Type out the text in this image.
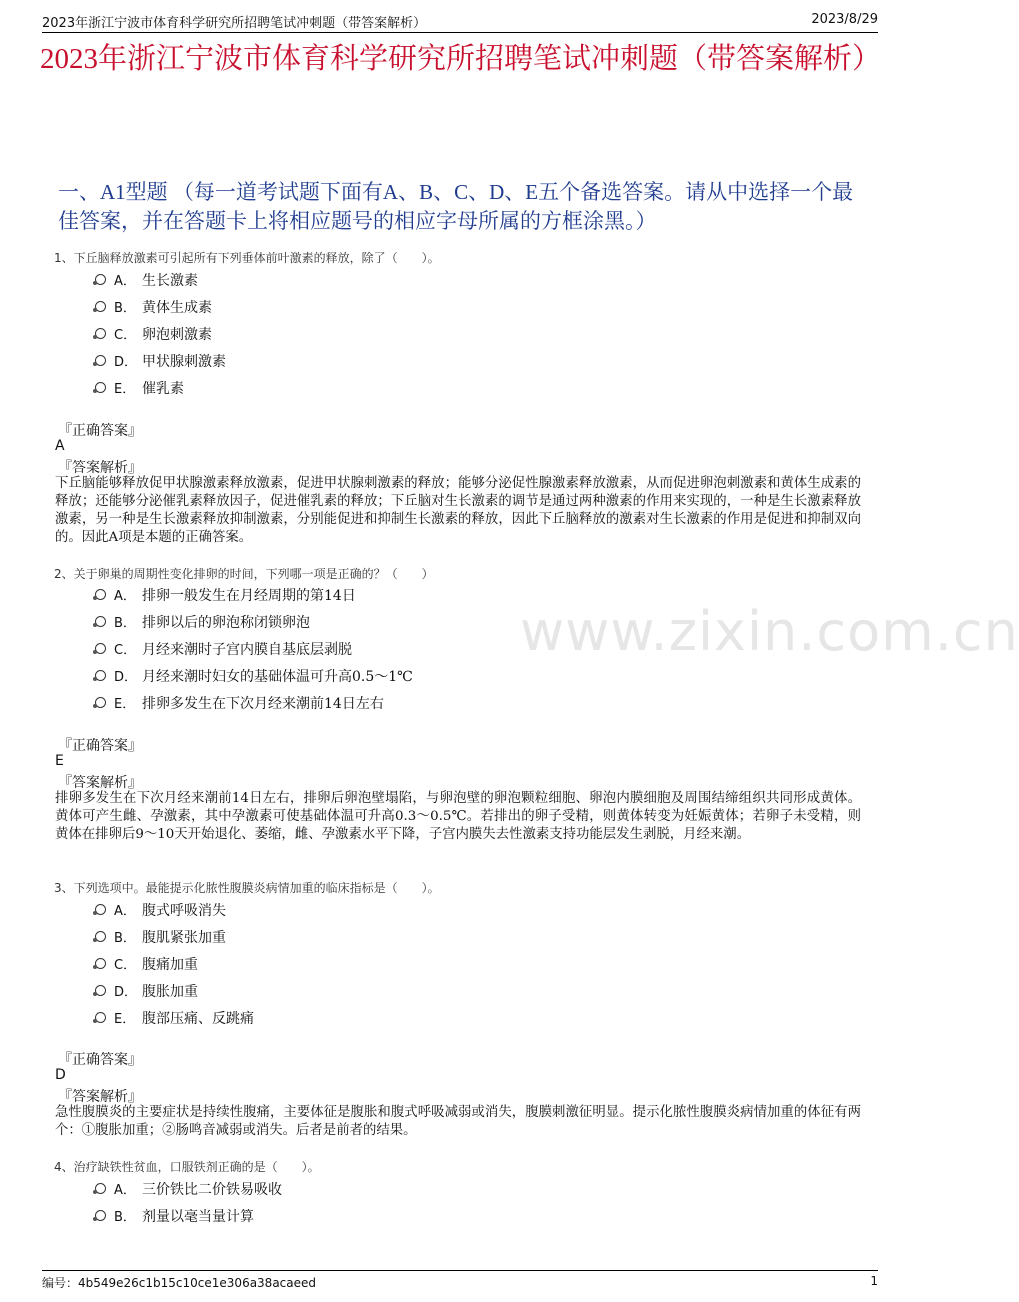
2023年浙江宁波市体育科学研究所招聘笔试冲刺题（带答案解析）	2023/8/29
www.zixin.com.cn
2023年浙江宁波市体育科学研究所招聘笔试冲刺题（带答案解析）
一、A1型题 （每一道考试题下面有A、B、C、D、E五个备选答案。请从中选择一个最佳答案，并在答题卡上将相应题号的相应字母所属的方框涂黑。）
1、下丘脑释放激素可引起所有下列垂体前叶激素的释放，除了（　　）。
A． 生长激素
B． 黄体生成素
C． 卵泡刺激素
D． 甲状腺刺激素
E． 催乳素
『正确答案』
A
『答案解析』
下丘脑能够释放促甲状腺激素释放激素，促进甲状腺刺激素的释放；能够分泌促性腺激素释放激素，从而促进卵泡刺激素和黄体生成素的释放；还能够分泌催乳素释放因子，促进催乳素的释放；下丘脑对生长激素的调节是通过两种激素的作用来实现的，一种是生长激素释放激素，另一种是生长激素释放抑制激素，分别能促进和抑制生长激素的释放，因此下丘脑释放的激素对生长激素的作用是促进和抑制双向的。因此A项是本题的正确答案。
2、关于卵巢的周期性变化排卵的时间，下列哪一项是正确的？（　　）
A． 排卵一般发生在月经周期的第14日
B． 排卵以后的卵泡称闭锁卵泡
C． 月经来潮时子宫内膜自基底层剥脱
D． 月经来潮时妇女的基础体温可升高0.5～1℃
E． 排卵多发生在下次月经来潮前14日左右
『正确答案』
E
『答案解析』
排卵多发生在下次月经来潮前14日左右，排卵后卵泡壁塌陷，与卵泡壁的卵泡颗粒细胞、卵泡内膜细胞及周围结缔组织共同形成黄体。黄体可产生雌、孕激素，其中孕激素可使基础体温可升高0.3～0.5℃。若排出的卵子受精，则黄体转变为妊娠黄体；若卵子未受精，则黄体在排卵后9～10天开始退化、萎缩，雌、孕激素水平下降，子宫内膜失去性激素支持功能层发生剥脱，月经来潮。
3、下列选项中。最能提示化脓性腹膜炎病情加重的临床指标是（　　）。
A． 腹式呼吸消失
B． 腹肌紧张加重
C． 腹痛加重
D． 腹胀加重
E． 腹部压痛、反跳痛
『正确答案』
D
『答案解析』
急性腹膜炎的主要症状是持续性腹痛，主要体征是腹胀和腹式呼吸减弱或消失，腹膜刺激征明显。提示化脓性腹膜炎病情加重的体征有两个：①腹胀加重；②肠鸣音减弱或消失。后者是前者的结果。
4、治疗缺铁性贫血，口服铁剂正确的是（　　）。
A． 三价铁比二价铁易吸收
B． 剂量以毫当量计算
编号：4b549e26c1b15c10ce1e306a38acaeed	1
